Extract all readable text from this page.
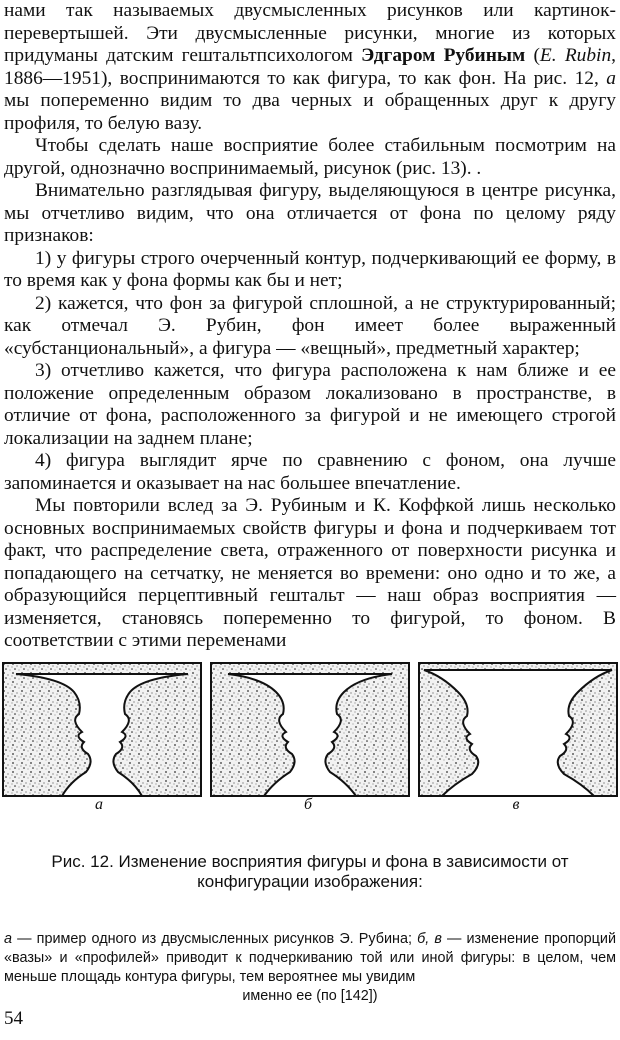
нами так называемых двусмысленных рисунков или картинок-перевертышей. Эти двусмысленные рисунки, многие из которых придуманы датским гештальтпсихологом Эдгаром Рубиным (E. Rubin, 1886—1951), воспринимаются то как фигура, то как фон. На рис. 12, а мы попеременно видим то два черных и обращенных друг к другу профиля, то белую вазу.

Чтобы сделать наше восприятие более стабильным посмотрим на другой, однозначно воспринимаемый, рисунок (рис. 13). .

Внимательно разглядывая фигуру, выделяющуюся в центре рисунка, мы отчетливо видим, что она отличается от фона по целому ряду признаков:

1) у фигуры строго очерченный контур, подчеркивающий ее форму, в то время как у фона формы как бы и нет;

2) кажется, что фон за фигурой сплошной, а не структурированный; как отмечал Э. Рубин, фон имеет более выраженный «субстанциональный», а фигура — «вещный», предметный характер;

3) отчетливо кажется, что фигура расположена к нам ближе и ее положение определенным образом локализовано в пространстве, в отличие от фона, расположенного за фигурой и не имеющего строгой локализации на заднем плане;

4) фигура выглядит ярче по сравнению с фоном, она лучше запоминается и оказывает на нас большее впечатление.

Мы повторили вслед за Э. Рубиным и К. Коффкой лишь несколько основных воспринимаемых свойств фигуры и фона и подчеркиваем тот факт, что распределение света, отраженного от поверхности рисунка и попадающего на сетчатку, не меняется во времени: оно одно и то же, а образующийся перцептивный гештальт — наш образ восприятия — изменяется, становясь попеременно то фигурой, то фоном. В соответствии с этими переменами

а	б	в
Рис. 12. Изменение восприятия фигуры и фона в зависимости от конфигурации изображения:
а — пример одного из двусмысленных рисунков Э. Рубина; б, в — изменение пропорций «вазы» и «профилей» приводит к подчеркиванию той или иной фигуры: в целом, чем меньше площадь контура фигуры, тем вероятнее мы увидим
именно ее (по [142])
54
